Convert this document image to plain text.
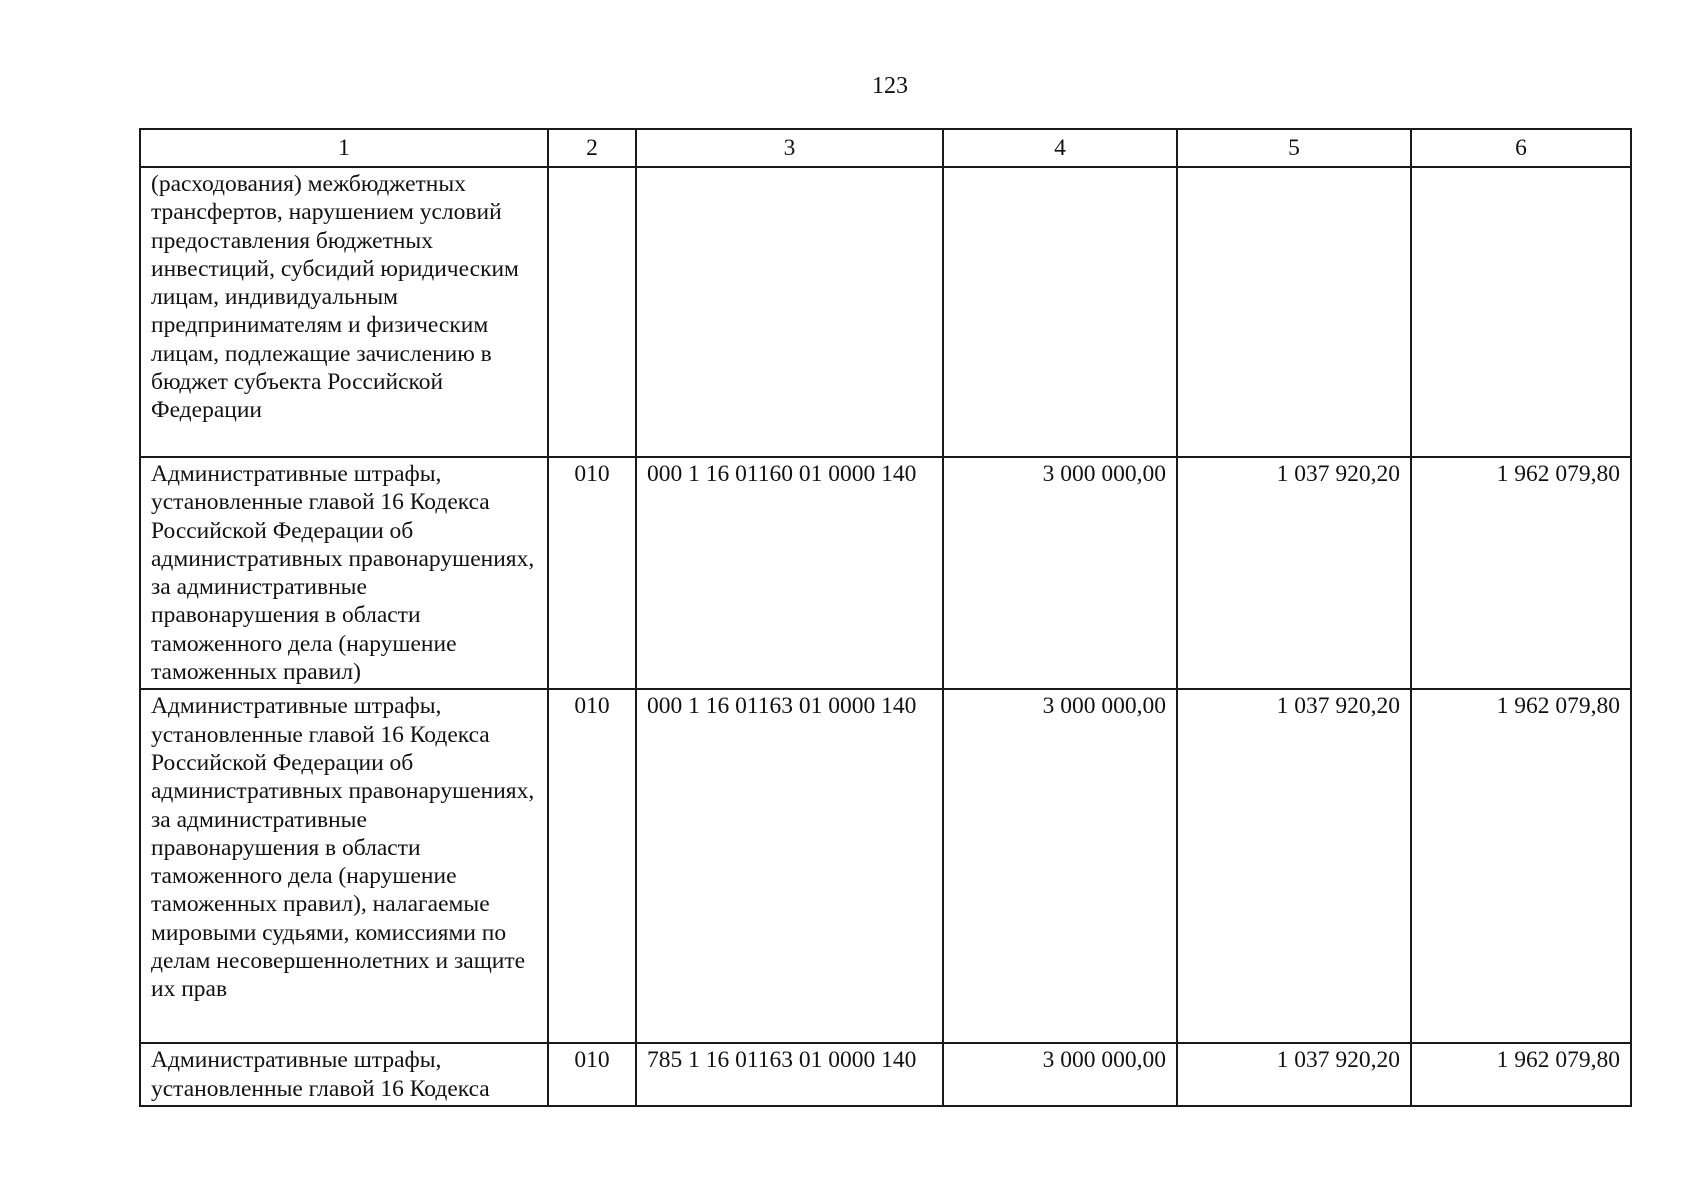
123
1	2	3	4	5	6
(расходования) межбюджетных трансфертов, нарушением условий предоставления бюджетных инвестиций, субсидий юридическим лицам, индивидуальным предпринимателям и физическим лицам, подлежащие зачислению в бюджет субъекта Российской Федерации					
Административные штрафы, установленные главой 16 Кодекса Российской Федерации об административных правонарушениях, за административные правонарушения в области таможенного дела (нарушение таможенных правил)	010	000 1 16 01160 01 0000 140	3 000 000,00	1 037 920,20	1 962 079,80
Административные штрафы, установленные главой 16 Кодекса Российской Федерации об административных правонарушениях, за административные правонарушения в области таможенного дела (нарушение таможенных правил), налагаемые мировыми судьями, комиссиями по делам несовершеннолетних и защите их прав	010	000 1 16 01163 01 0000 140	3 000 000,00	1 037 920,20	1 962 079,80
Административные штрафы, установленные главой 16 Кодекса	010	785 1 16 01163 01 0000 140	3 000 000,00	1 037 920,20	1 962 079,80
